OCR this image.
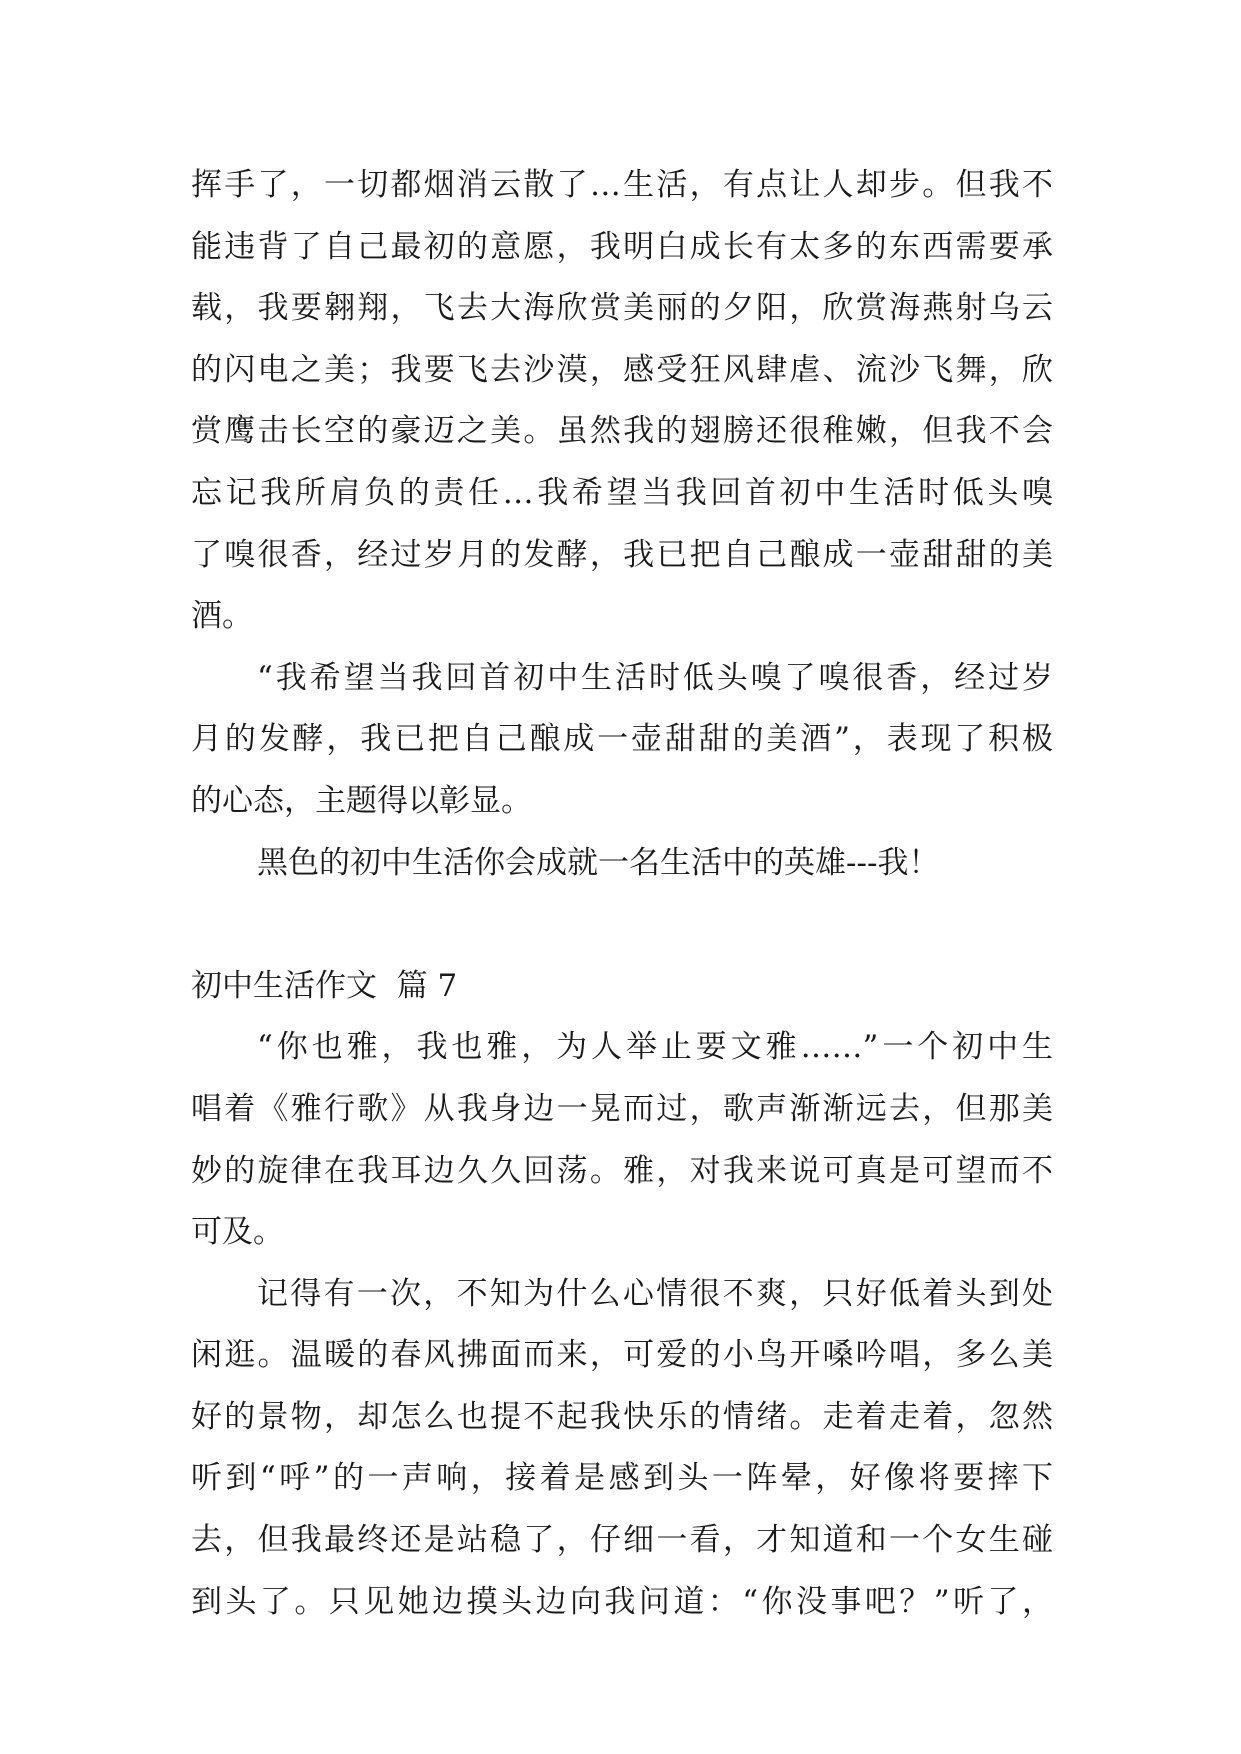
挥手了，一切都烟消云散了…生活，有点让人却步。但我不
能违背了自己最初的意愿，我明白成长有太多的东西需要承
载，我要翱翔，飞去大海欣赏美丽的夕阳，欣赏海燕射乌云
的闪电之美；我要飞去沙漠，感受狂风肆虐、流沙飞舞，欣
赏鹰击长空的豪迈之美。虽然我的翅膀还很稚嫩，但我不会
忘记我所肩负的责任…我希望当我回首初中生活时低头嗅
了嗅很香，经过岁月的发酵，我已把自己酿成一壶甜甜的美
酒。
“我希望当我回首初中生活时低头嗅了嗅很香，经过岁
月的发酵，我已把自己酿成一壶甜甜的美酒”，表现了积极
的心态，主题得以彰显。
黑色的初中生活你会成就一名生活中的英雄---我！
初中生活作文  篇 7
“你也雅，我也雅，为人举止要文雅……”一个初中生
唱着《雅行歌》从我身边一晃而过，歌声渐渐远去，但那美
妙的旋律在我耳边久久回荡。雅，对我来说可真是可望而不
可及。
记得有一次，不知为什么心情很不爽，只好低着头到处
闲逛。温暖的春风拂面而来，可爱的小鸟开嗓吟唱，多么美
好的景物，却怎么也提不起我快乐的情绪。走着走着，忽然
听到“呼”的一声响，接着是感到头一阵晕，好像将要摔下
去，但我最终还是站稳了，仔细一看，才知道和一个女生碰
到头了。只见她边摸头边向我问道：“你没事吧？”听了，
